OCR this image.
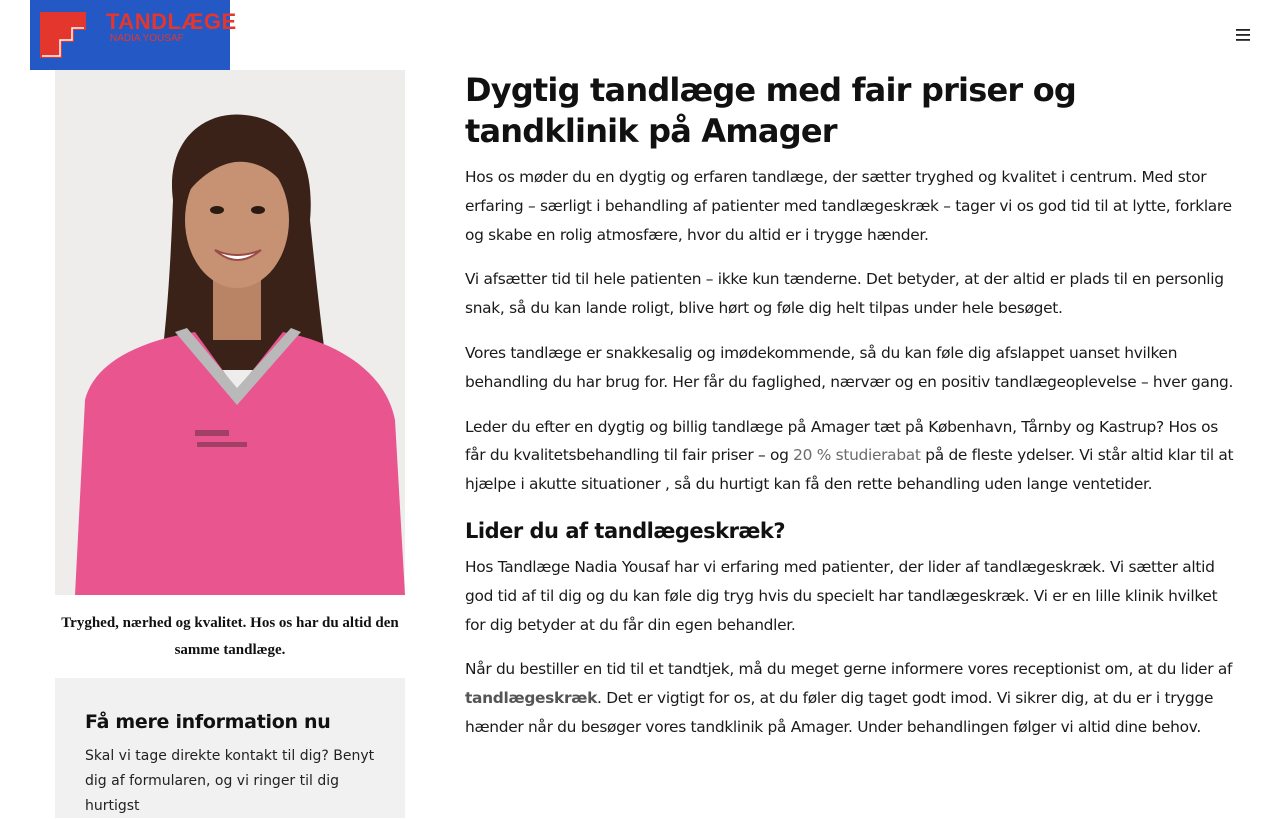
TANDLÆGE
NADIA YOUSAF
Tryghed, nærhed og kvalitet. Hos os har du altid den samme tandlæge.
Få mere information nu

Skal vi tage direkte kontakt til dig? Benyt dig af formularen, og vi ringer til dig hurtigst

Dygtig tandlæge med fair priser og tandklinik på Amager

Hos os møder du en dygtig og erfaren tandlæge, der sætter tryghed og kvalitet i centrum. Med stor erfaring – særligt i behandling af patienter med tandlægeskræk – tager vi os god tid til at lytte, forklare og skabe en rolig atmosfære, hvor du altid er i trygge hænder.

Vi afsætter tid til hele patienten – ikke kun tænderne. Det betyder, at der altid er plads til en personlig snak, så du kan lande roligt, blive hørt og føle dig helt tilpas under hele besøget.

Vores tandlæge er snakkesalig og imødekommende, så du kan føle dig afslappet uanset hvilken behandling du har brug for. Her får du faglighed, nærvær og en positiv tandlægeoplevelse – hver gang.

Leder du efter en dygtig og billig tandlæge på Amager tæt på København, Tårnby og Kastrup? Hos os får du kvalitetsbehandling til fair priser – og 20 % studierabat på de fleste ydelser. Vi står altid klar til at hjælpe i akutte situationer , så du hurtigt kan få den rette behandling uden lange ventetider.

Lider du af tandlægeskræk?

Hos Tandlæge Nadia Yousaf har vi erfaring med patienter, der lider af tandlægeskræk. Vi sætter altid god tid af til dig og du kan føle dig tryg hvis du specielt har tandlægeskræk. Vi er en lille klinik hvilket for dig betyder at du får din egen behandler.

Når du bestiller en tid til et tandtjek, må du meget gerne informere vores receptionist om, at du lider af tandlægeskræk. Det er vigtigt for os, at du føler dig taget godt imod. Vi sikrer dig, at du er i trygge hænder når du besøger vores tandklinik på Amager. Under behandlingen følger vi altid dine behov.
